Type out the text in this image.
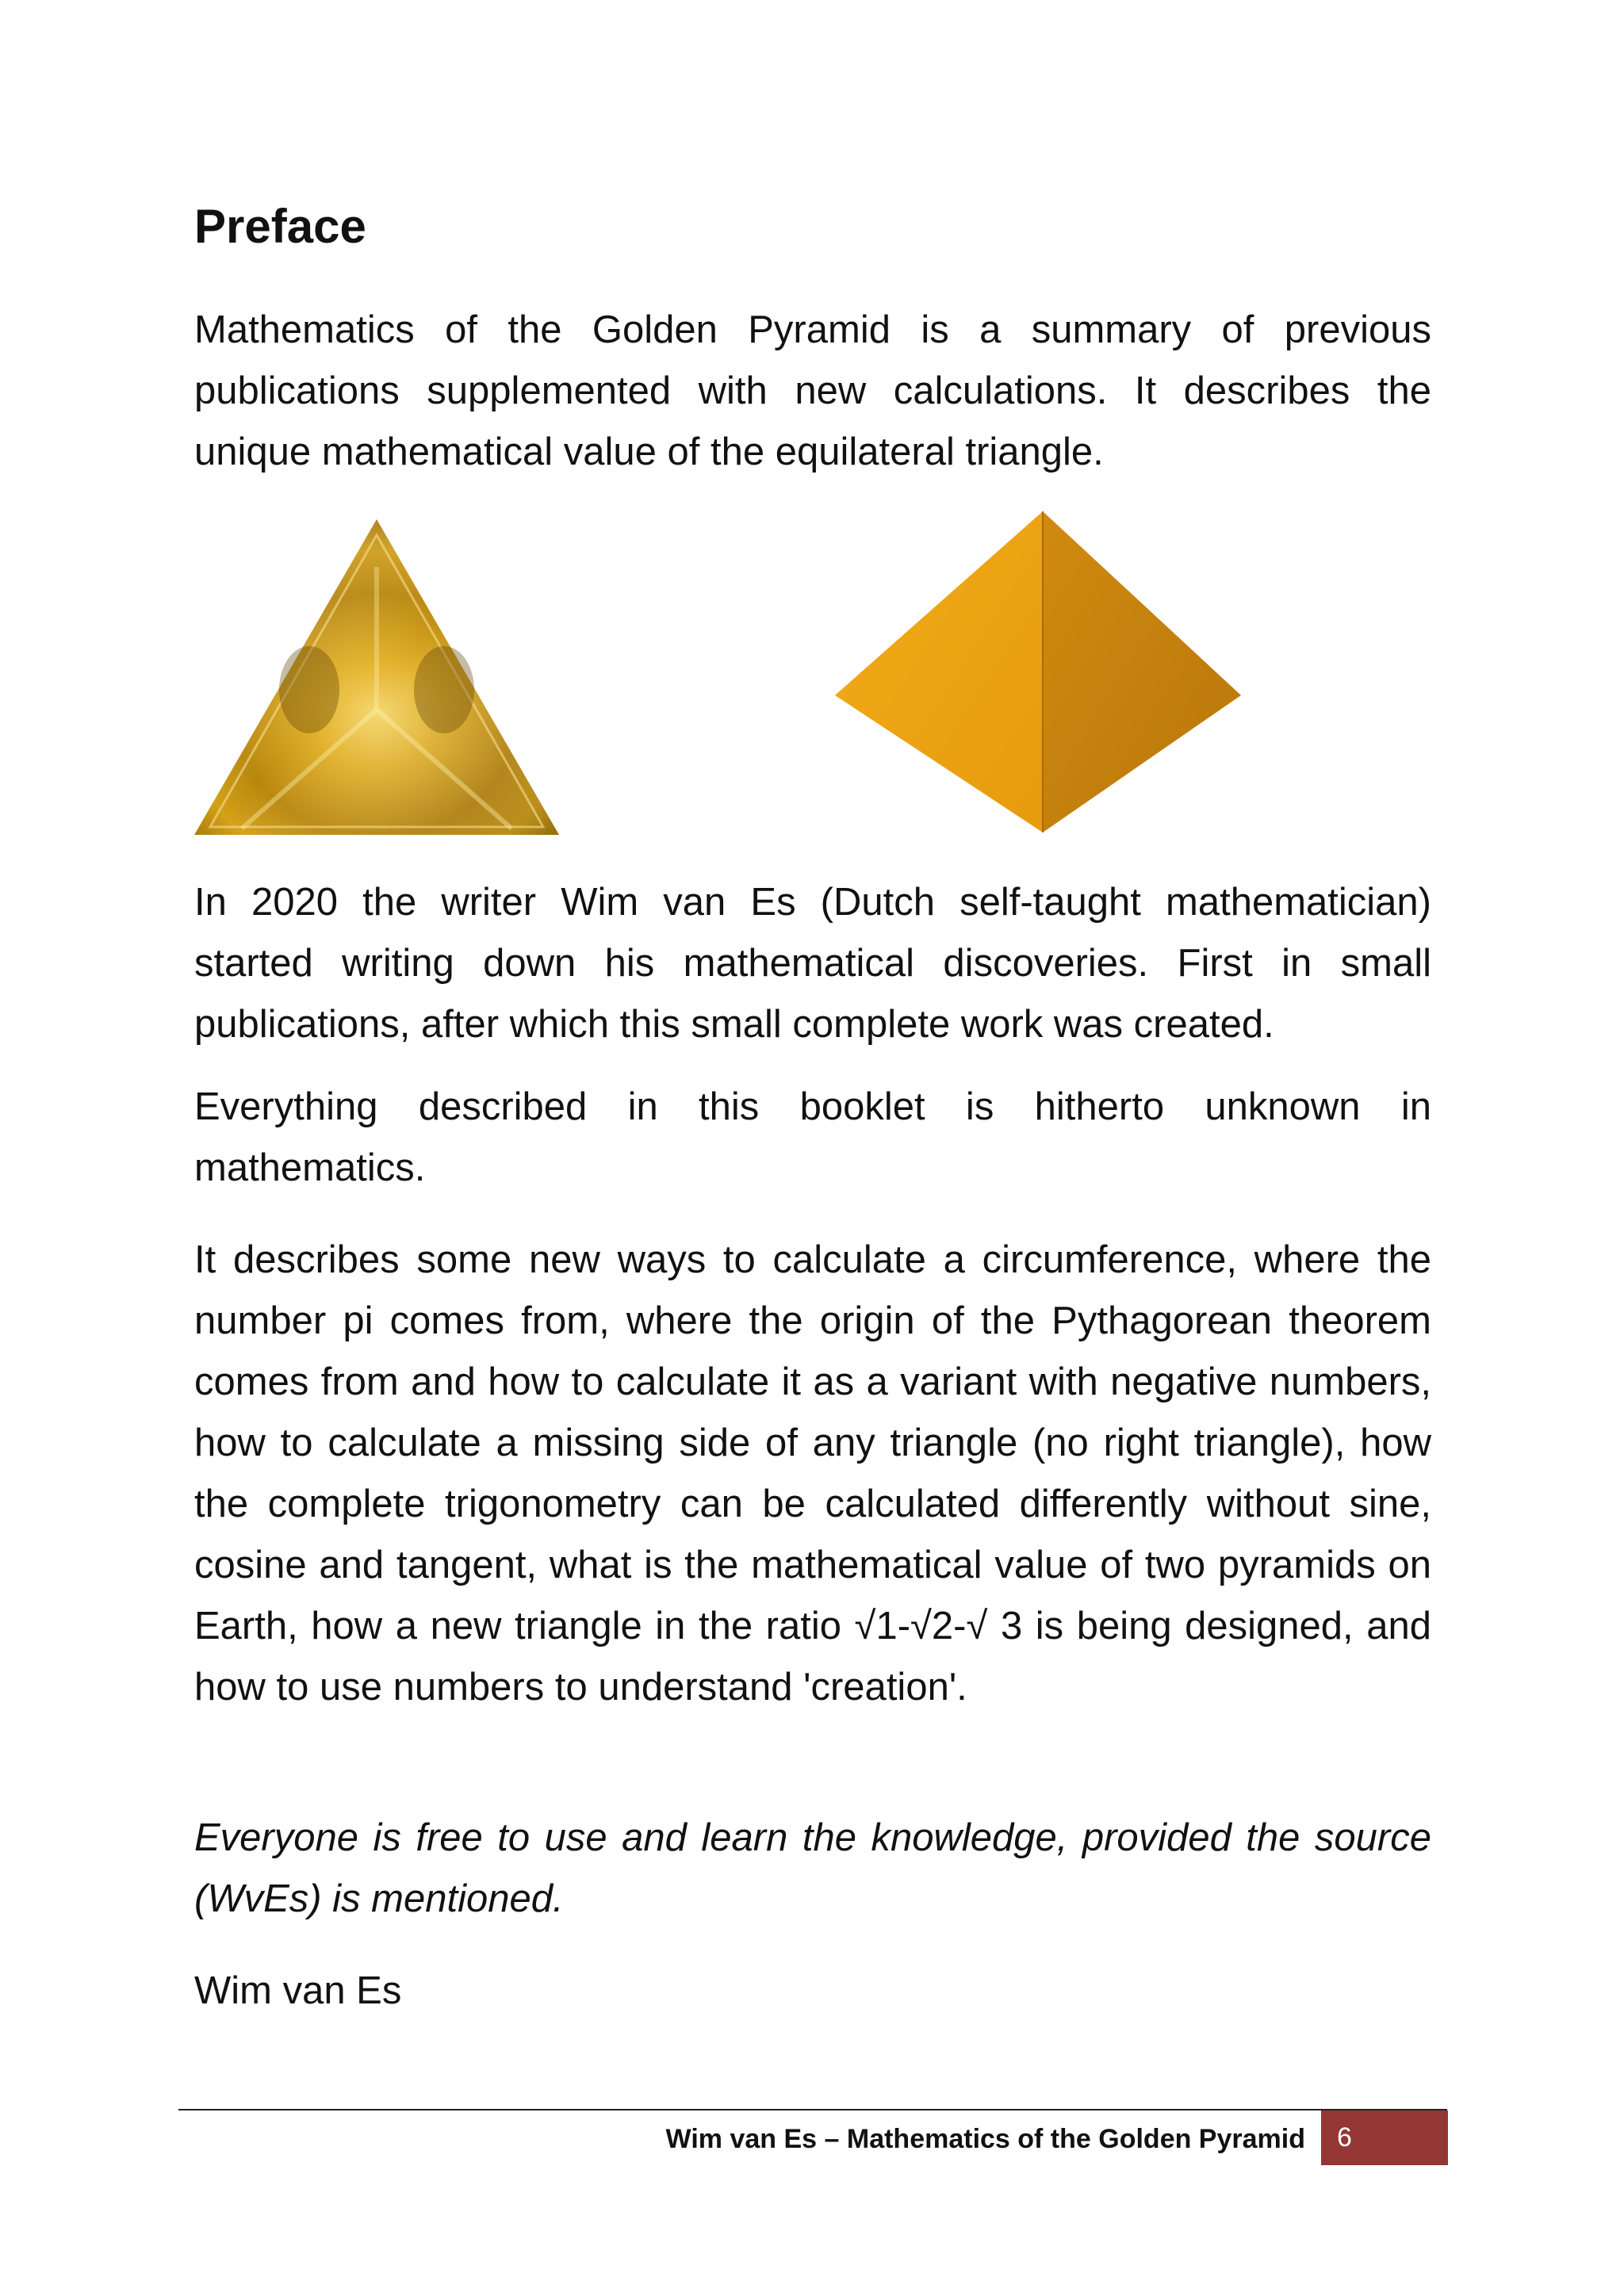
Preface

Mathematics of the Golden Pyramid is a summary of previous publications supplemented with new calculations. It describes the unique mathematical value of the equilateral triangle.

In 2020 the writer Wim van Es (Dutch self-taught mathematician) started writing down his mathematical discoveries. First in small publications, after which this small complete work was created.

Everything described in this booklet is hitherto unknown in mathematics.

It describes some new ways to calculate a circumference, where the number pi comes from, where the origin of the Pythagorean theorem comes from and how to calculate it as a variant with negative numbers, how to calculate a missing side of any triangle (no right triangle), how the complete trigonometry can be calculated differently without sine, cosine and tangent, what is the mathematical value of two pyramids on Earth, how a new triangle in the ratio √1-√2-√ 3 is being designed, and how to use numbers to understand 'creation'.

Everyone is free to use and learn the knowledge, provided the source (WvEs) is mentioned.

Wim van Es

Wim van Es – Mathematics of the Golden Pyramid	6
